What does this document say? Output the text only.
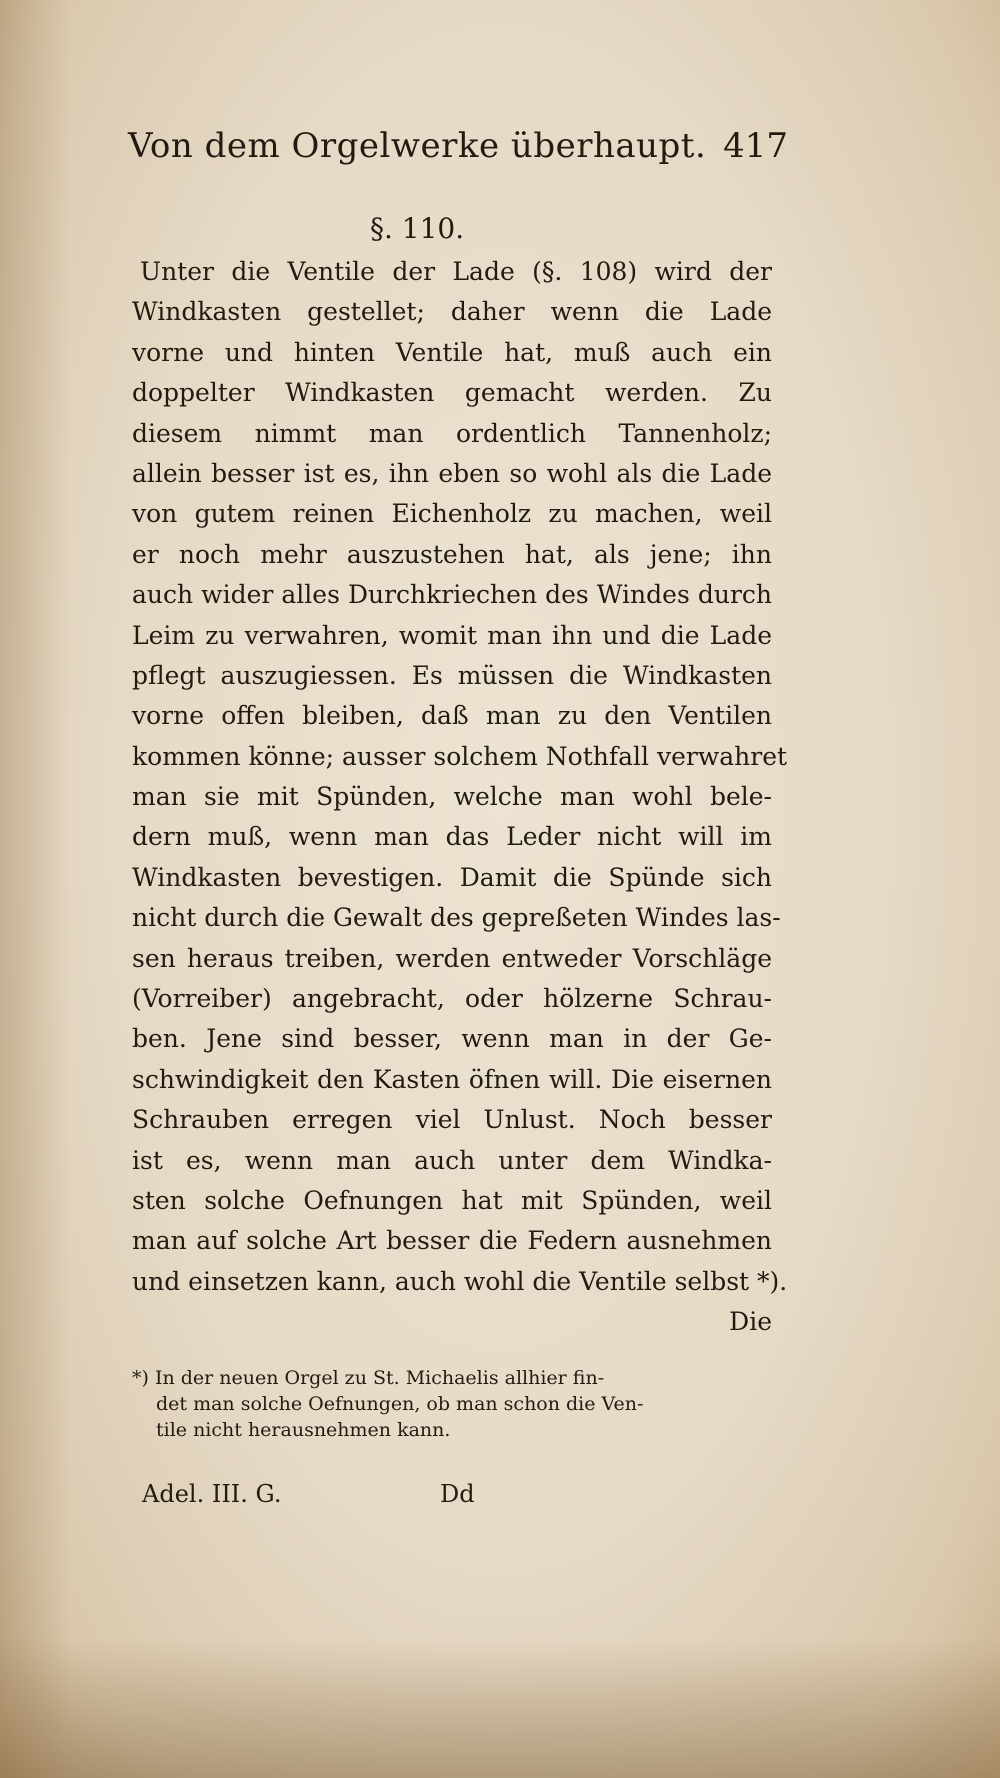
Von dem Orgelwerke überhaupt. 417
§. 110.
Unter die Ventile der Lade (§. 108) wird der
Windkasten gestellet; daher wenn die Lade
vorne und hinten Ventile hat, muß auch ein
doppelter Windkasten gemacht werden. Zu
diesem nimmt man ordentlich Tannenholz;
allein besser ist es, ihn eben so wohl als die Lade
von gutem reinen Eichenholz zu machen, weil
er noch mehr auszustehen hat, als jene; ihn
auch wider alles Durchkriechen des Windes durch
Leim zu verwahren, womit man ihn und die Lade
pflegt auszugiessen. Es müssen die Windkasten
vorne offen bleiben, daß man zu den Ventilen
kommen könne; ausser solchem Nothfall verwahret
man sie mit Spünden, welche man wohl bele-
dern muß, wenn man das Leder nicht will im
Windkasten bevestigen. Damit die Spünde sich
nicht durch die Gewalt des gepreßeten Windes las-
sen heraus treiben, werden entweder Vorschläge
(Vorreiber) angebracht, oder hölzerne Schrau-
ben. Jene sind besser, wenn man in der Ge-
schwindigkeit den Kasten öfnen will. Die eisernen
Schrauben erregen viel Unlust. Noch besser
ist es, wenn man auch unter dem Windka-
sten solche Oefnungen hat mit Spünden, weil
man auf solche Art besser die Federn ausnehmen
und einsetzen kann, auch wohl die Ventile selbst *).
Die
*) In der neuen Orgel zu St. Michaelis allhier fin-
det man solche Oefnungen, ob man schon die Ven-
tile nicht herausnehmen kann.
Adel. III. G.	Dd
